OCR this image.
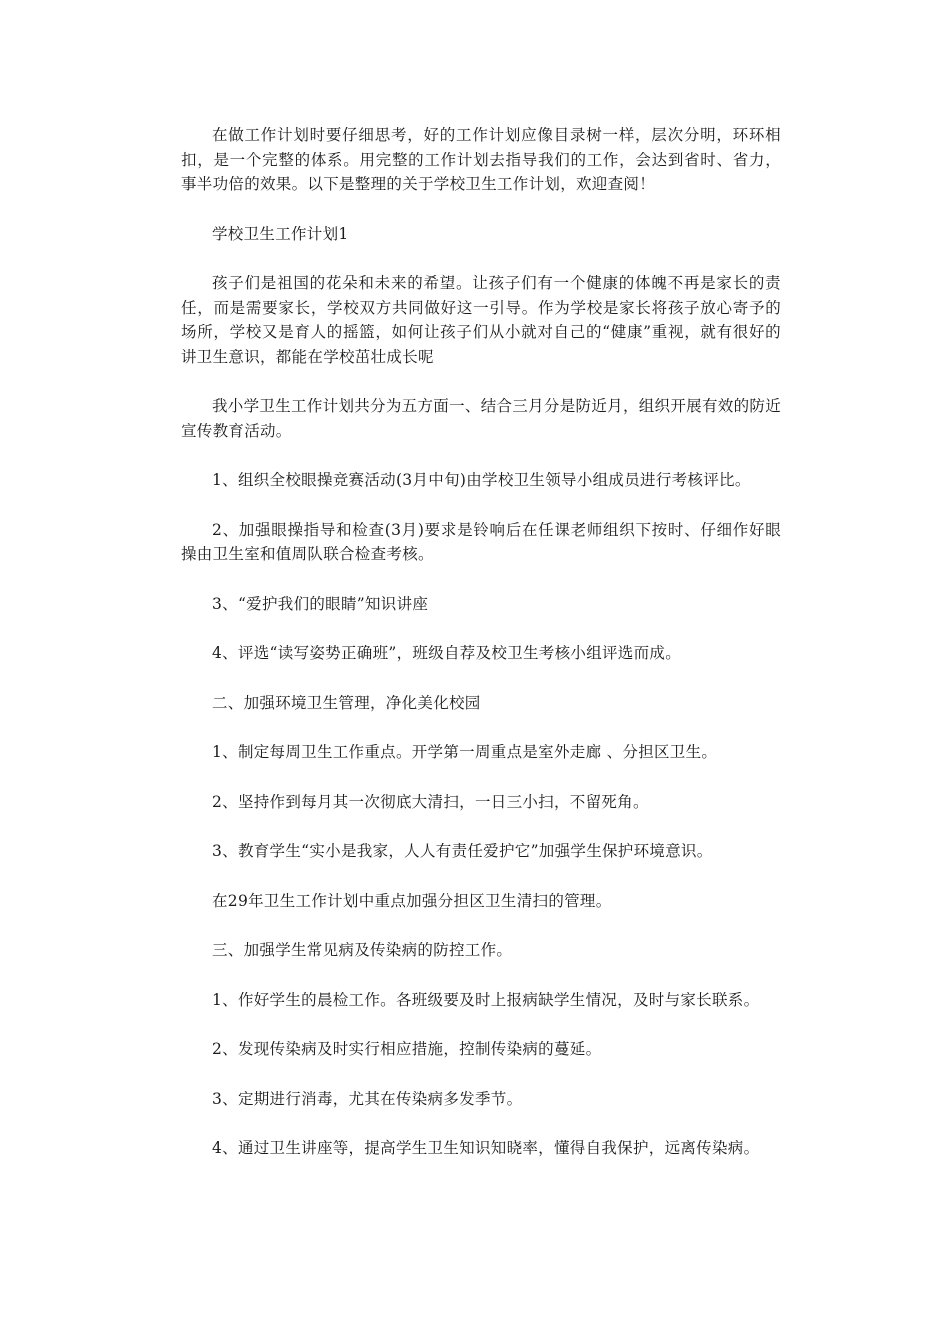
在做工作计划时要仔细思考，好的工作计划应像目录树一样，层次分明，环环相扣，是一个完整的体系。用完整的工作计划去指导我们的工作，会达到省时、省力，事半功倍的效果。以下是整理的关于学校卫生工作计划，欢迎查阅！

学校卫生工作计划1

孩子们是祖国的花朵和未来的希望。让孩子们有一个健康的体魄不再是家长的责任，而是需要家长，学校双方共同做好这一引导。作为学校是家长将孩子放心寄予的场所，学校又是育人的摇篮，如何让孩子们从小就对自己的“健康”重视，就有很好的讲卫生意识，都能在学校茁壮成长呢

我小学卫生工作计划共分为五方面一、结合三月分是防近月，组织开展有效的防近宣传教育活动。

1、组织全校眼操竞赛活动(3月中旬)由学校卫生领导小组成员进行考核评比。

2、加强眼操指导和检查(3月)要求是铃响后在任课老师组织下按时、仔细作好眼操由卫生室和值周队联合检查考核。

3、“爱护我们的眼睛”知识讲座

4、评选“读写姿势正确班”，班级自荐及校卫生考核小组评选而成。

二、加强环境卫生管理，净化美化校园

1、制定每周卫生工作重点。开学第一周重点是室外走廊 、分担区卫生。

2、坚持作到每月其一次彻底大清扫，一日三小扫，不留死角。

3、教育学生“实小是我家，人人有责任爱护它”加强学生保护环境意识。

在29年卫生工作计划中重点加强分担区卫生清扫的管理。

三、加强学生常见病及传染病的防控工作。

1、作好学生的晨检工作。各班级要及时上报病缺学生情况，及时与家长联系。

2、发现传染病及时实行相应措施，控制传染病的蔓延。

3、定期进行消毒，尤其在传染病多发季节。

4、通过卫生讲座等，提高学生卫生知识知晓率，懂得自我保护，远离传染病。
